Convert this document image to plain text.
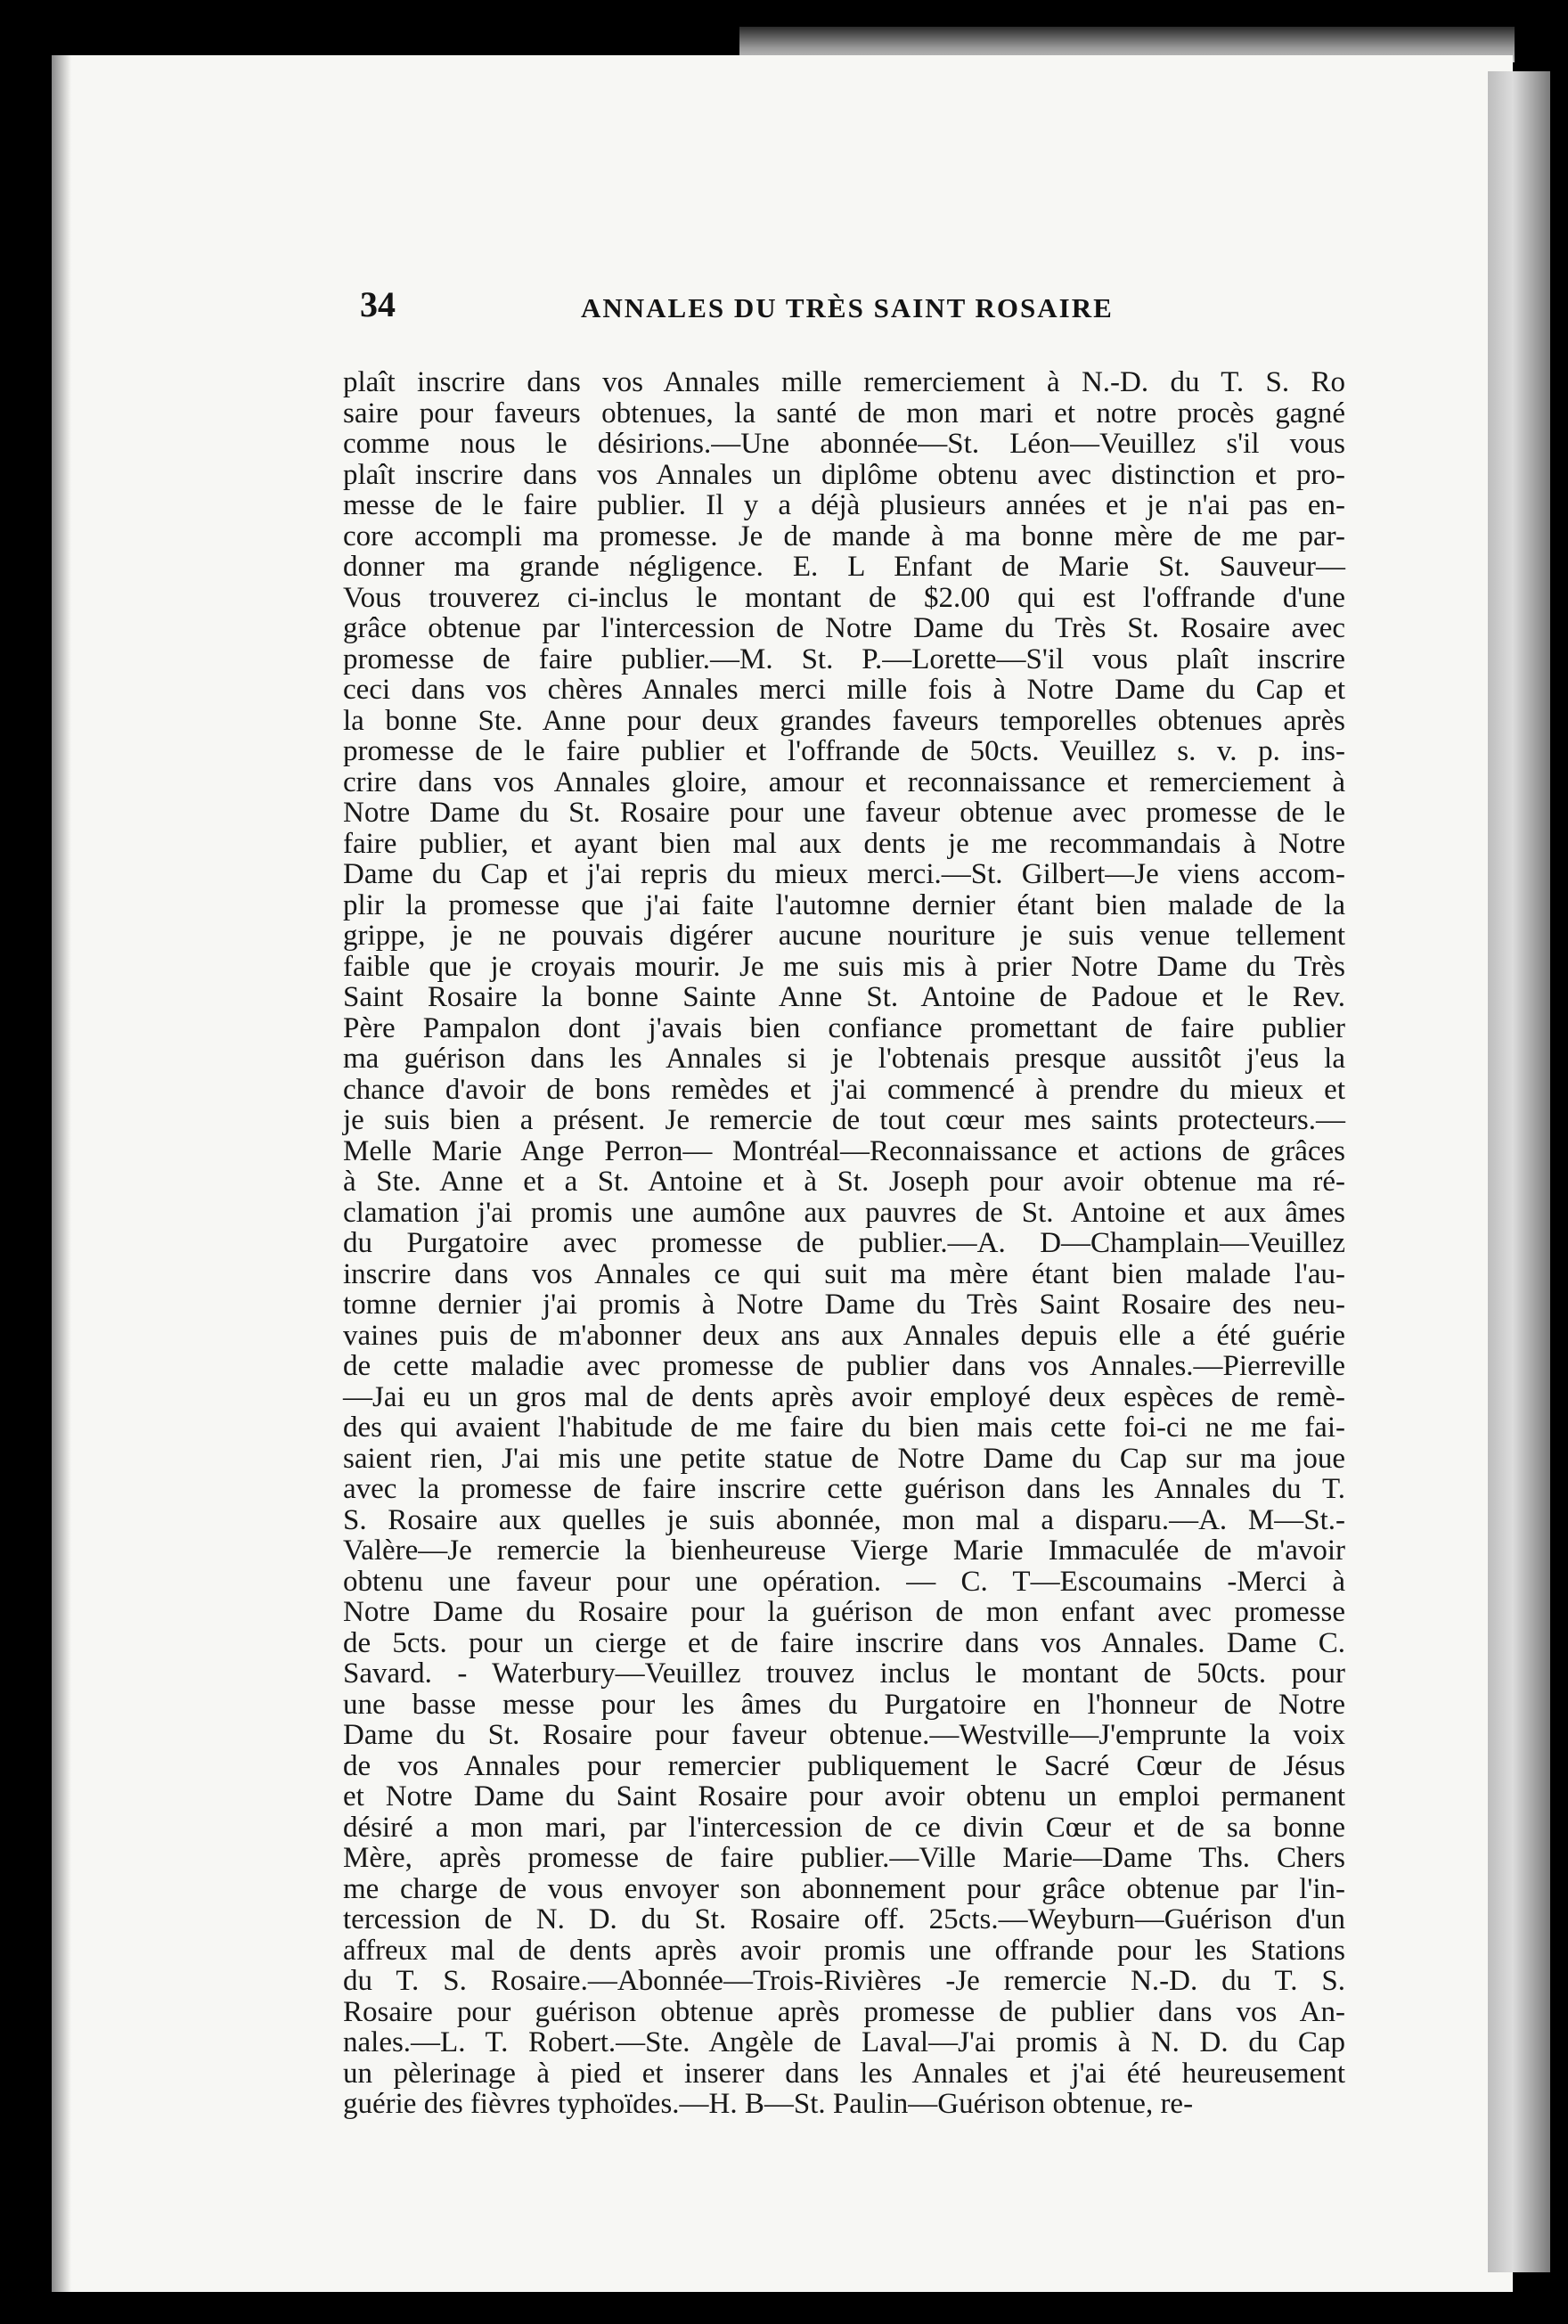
34	ANNALES DU TRÈS SAINT ROSAIRE
plaît inscrire dans vos Annales mille remerciement à N.-D. du T. S. Ro
saire pour faveurs obtenues, la santé de mon mari et notre procès gagné
comme nous le désirions.—Une abonnée—St. Léon—Veuillez s'il vous
plaît inscrire dans vos Annales un diplôme obtenu avec distinction et pro-
messe de le faire publier. Il y a déjà plusieurs années et je n'ai pas en-
core accompli ma promesse. Je de mande à ma bonne mère de me par-
donner ma grande négligence. E. L Enfant de Marie St. Sauveur—
Vous trouverez ci-inclus le montant de $2.00 qui est l'offrande d'une
grâce obtenue par l'intercession de Notre Dame du Très St. Rosaire avec
promesse de faire publier.—M. St. P.—Lorette—S'il vous plaît inscrire
ceci dans vos chères Annales merci mille fois à Notre Dame du Cap et
la bonne Ste. Anne pour deux grandes faveurs temporelles obtenues après
promesse de le faire publier et l'offrande de 50cts. Veuillez s. v. p. ins-
crire dans vos Annales gloire, amour et reconnaissance et remerciement à
Notre Dame du St. Rosaire pour une faveur obtenue avec promesse de le
faire publier, et ayant bien mal aux dents je me recommandais à Notre
Dame du Cap et j'ai repris du mieux merci.—St. Gilbert—Je viens accom-
plir la promesse que j'ai faite l'automne dernier étant bien malade de la
grippe, je ne pouvais digérer aucune nouriture je suis venue tellement
faible que je croyais mourir. Je me suis mis à prier Notre Dame du Très
Saint Rosaire la bonne Sainte Anne St. Antoine de Padoue et le Rev.
Père Pampalon dont j'avais bien confiance promettant de faire publier
ma guérison dans les Annales si je l'obtenais presque aussitôt j'eus la
chance d'avoir de bons remèdes et j'ai commencé à prendre du mieux et
je suis bien a présent. Je remercie de tout cœur mes saints protecteurs.—
Melle Marie Ange Perron— Montréal—Reconnaissance et actions de grâces
à Ste. Anne et a St. Antoine et à St. Joseph pour avoir obtenue ma ré-
clamation j'ai promis une aumône aux pauvres de St. Antoine et aux âmes
du Purgatoire avec promesse de publier.—A. D—Champlain—Veuillez
inscrire dans vos Annales ce qui suit ma mère étant bien malade l'au-
tomne dernier j'ai promis à Notre Dame du Très Saint Rosaire des neu-
vaines puis de m'abonner deux ans aux Annales depuis elle a été guérie
de cette maladie avec promesse de publier dans vos Annales.—Pierreville
—Jai eu un gros mal de dents après avoir employé deux espèces de remè-
des qui avaient l'habitude de me faire du bien mais cette foi-ci ne me fai-
saient rien, J'ai mis une petite statue de Notre Dame du Cap sur ma joue
avec la promesse de faire inscrire cette guérison dans les Annales du T.
S. Rosaire aux quelles je suis abonnée, mon mal a disparu.—A. M—St.-
Valère—Je remercie la bienheureuse Vierge Marie Immaculée de m'avoir
obtenu une faveur pour une opération. — C. T—Escoumains -Merci à
Notre Dame du Rosaire pour la guérison de mon enfant avec promesse
de 5cts. pour un cierge et de faire inscrire dans vos Annales. Dame C.
Savard. - Waterbury—Veuillez trouvez inclus le montant de 50cts. pour
une basse messe pour les âmes du Purgatoire en l'honneur de Notre
Dame du St. Rosaire pour faveur obtenue.—Westville—J'emprunte la voix
de vos Annales pour remercier publiquement le Sacré Cœur de Jésus
et Notre Dame du Saint Rosaire pour avoir obtenu un emploi permanent
désiré a mon mari, par l'intercession de ce divin Cœur et de sa bonne
Mère, après promesse de faire publier.—Ville Marie—Dame Ths. Chers
me charge de vous envoyer son abonnement pour grâce obtenue par l'in-
tercession de N. D. du St. Rosaire off. 25cts.—Weyburn—Guérison d'un
affreux mal de dents après avoir promis une offrande pour les Stations
du T. S. Rosaire.—Abonnée—Trois-Rivières -Je remercie N.-D. du T. S.
Rosaire pour guérison obtenue après promesse de publier dans vos An-
nales.—L. T. Robert.—Ste. Angèle de Laval—J'ai promis à N. D. du Cap
un pèlerinage à pied et inserer dans les Annales et j'ai été heureusement
guérie des fièvres typhoïdes.—H. B—St. Paulin—Guérison obtenue, re-
